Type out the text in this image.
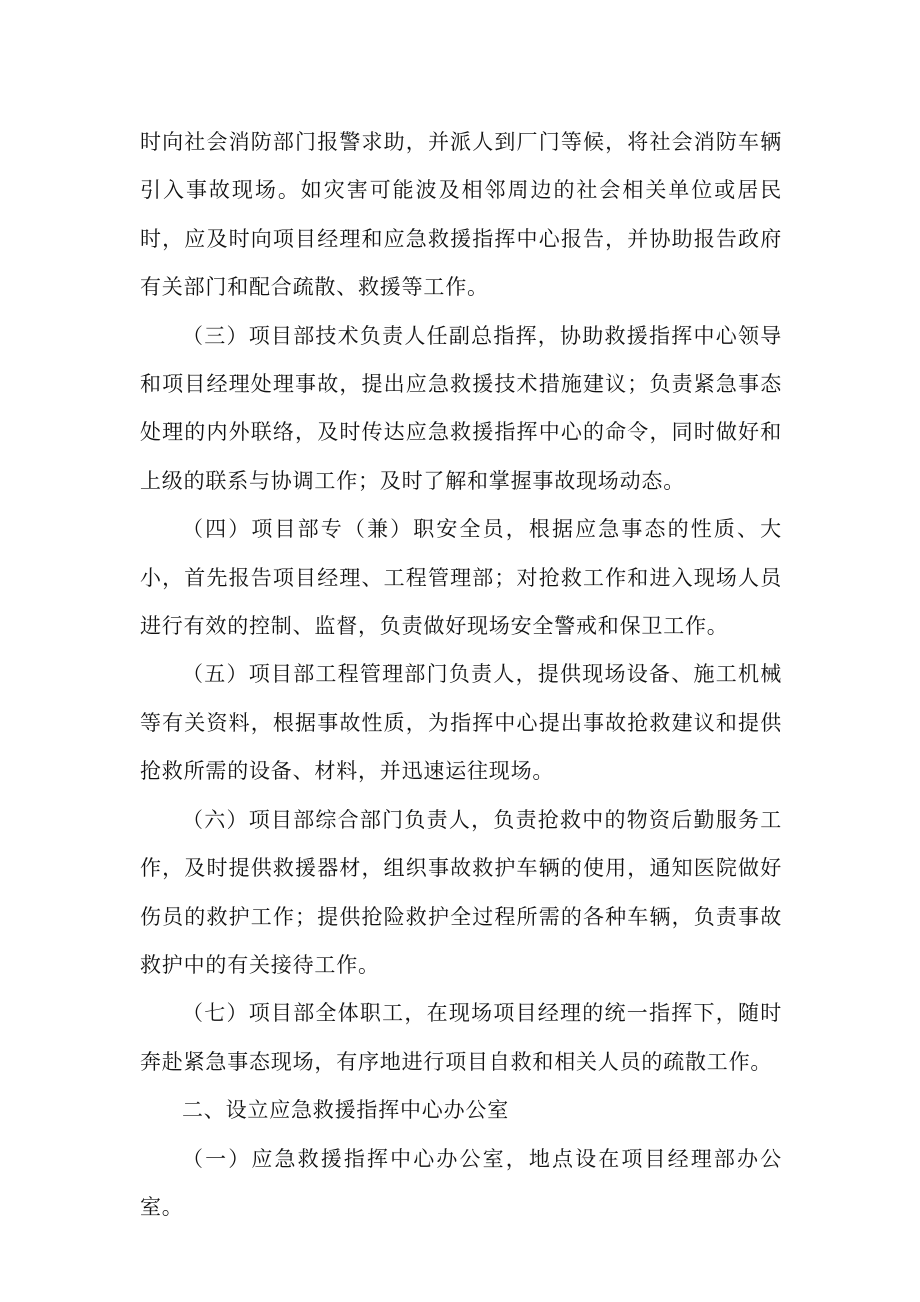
时向社会消防部门报警求助，并派人到厂门等候，将社会消防车辆引入事故现场。如灾害可能波及相邻周边的社会相关单位或居民时，应及时向项目经理和应急救援指挥中心报告，并协助报告政府有关部门和配合疏散、救援等工作。

（三）项目部技术负责人任副总指挥，协助救援指挥中心领导和项目经理处理事故，提出应急救援技术措施建议；负责紧急事态处理的内外联络，及时传达应急救援指挥中心的命令，同时做好和上级的联系与协调工作；及时了解和掌握事故现场动态。

（四）项目部专（兼）职安全员，根据应急事态的性质、大小，首先报告项目经理、工程管理部；对抢救工作和进入现场人员进行有效的控制、监督，负责做好现场安全警戒和保卫工作。

（五）项目部工程管理部门负责人，提供现场设备、施工机械等有关资料，根据事故性质，为指挥中心提出事故抢救建议和提供抢救所需的设备、材料，并迅速运往现场。

（六）项目部综合部门负责人，负责抢救中的物资后勤服务工作，及时提供救援器材，组织事故救护车辆的使用，通知医院做好伤员的救护工作；提供抢险救护全过程所需的各种车辆，负责事故救护中的有关接待工作。

（七）项目部全体职工，在现场项目经理的统一指挥下，随时奔赴紧急事态现场，有序地进行项目自救和相关人员的疏散工作。

二、设立应急救援指挥中心办公室

（一）应急救援指挥中心办公室，地点设在项目经理部办公室。
